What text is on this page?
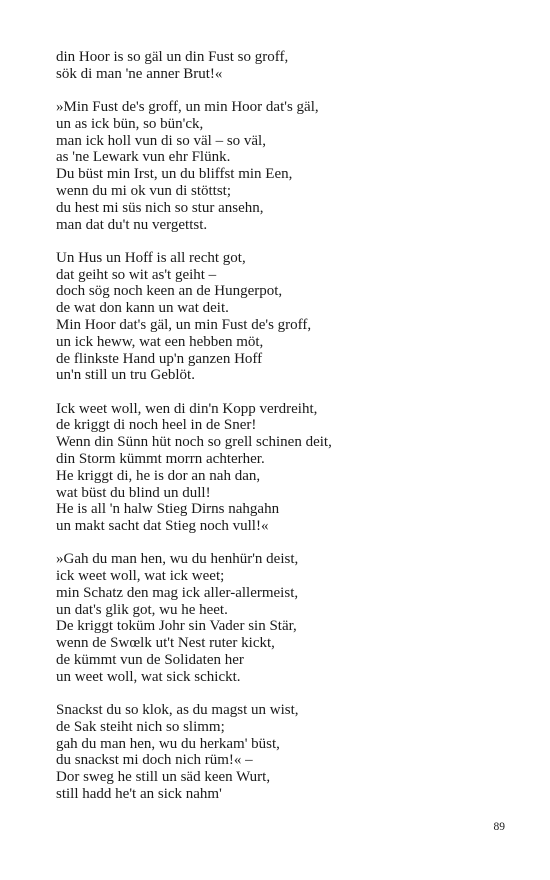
din Hoor is so gäl un din Fust so groff,
sök di man 'ne anner Brut!«
»Min Fust de's groff, un min Hoor dat's gäl,
un as ick bün, so bün'ck,
man ick holl vun di so väl – so väl,
as 'ne Lewark vun ehr Flünk.
Du büst min Irst, un du bliffst min Een,
wenn du mi ok vun di stöttst;
du hest mi süs nich so stur ansehn,
man dat du't nu vergettst.
Un Hus un Hoff is all recht got,
dat geiht so wit as't geiht –
doch sög noch keen an de Hungerpot,
de wat don kann un wat deit.
Min Hoor dat's gäl, un min Fust de's groff,
un ick heww, wat een hebben möt,
de flinkste Hand up'n ganzen Hoff
un'n still un tru Geblöt.
Ick weet woll, wen di din'n Kopp verdreiht,
de kriggt di noch heel in de Sner!
Wenn din Sünn hüt noch so grell schinen deit,
din Storm kümmt morrn achterher.
He kriggt di, he is dor an nah dan,
wat büst du blind un dull!
He is all 'n halw Stieg Dirns nahgahn
un makt sacht dat Stieg noch vull!«
»Gah du man hen, wu du henhür'n deist,
ick weet woll, wat ick weet;
min Schatz den mag ick aller-allermeist,
un dat's glik got, wu he heet.
De kriggt toküm Johr sin Vader sin Stär,
wenn de Swœlk ut't Nest ruter kickt,
de kümmt vun de Solidaten her
un weet woll, wat sick schickt.
Snackst du so klok, as du magst un wist,
de Sak steiht nich so slimm;
gah du man hen, wu du herkam' büst,
du snackst mi doch nich rüm!« –
Dor sweg he still un säd keen Wurt,
still hadd he't an sick nahm'
89
